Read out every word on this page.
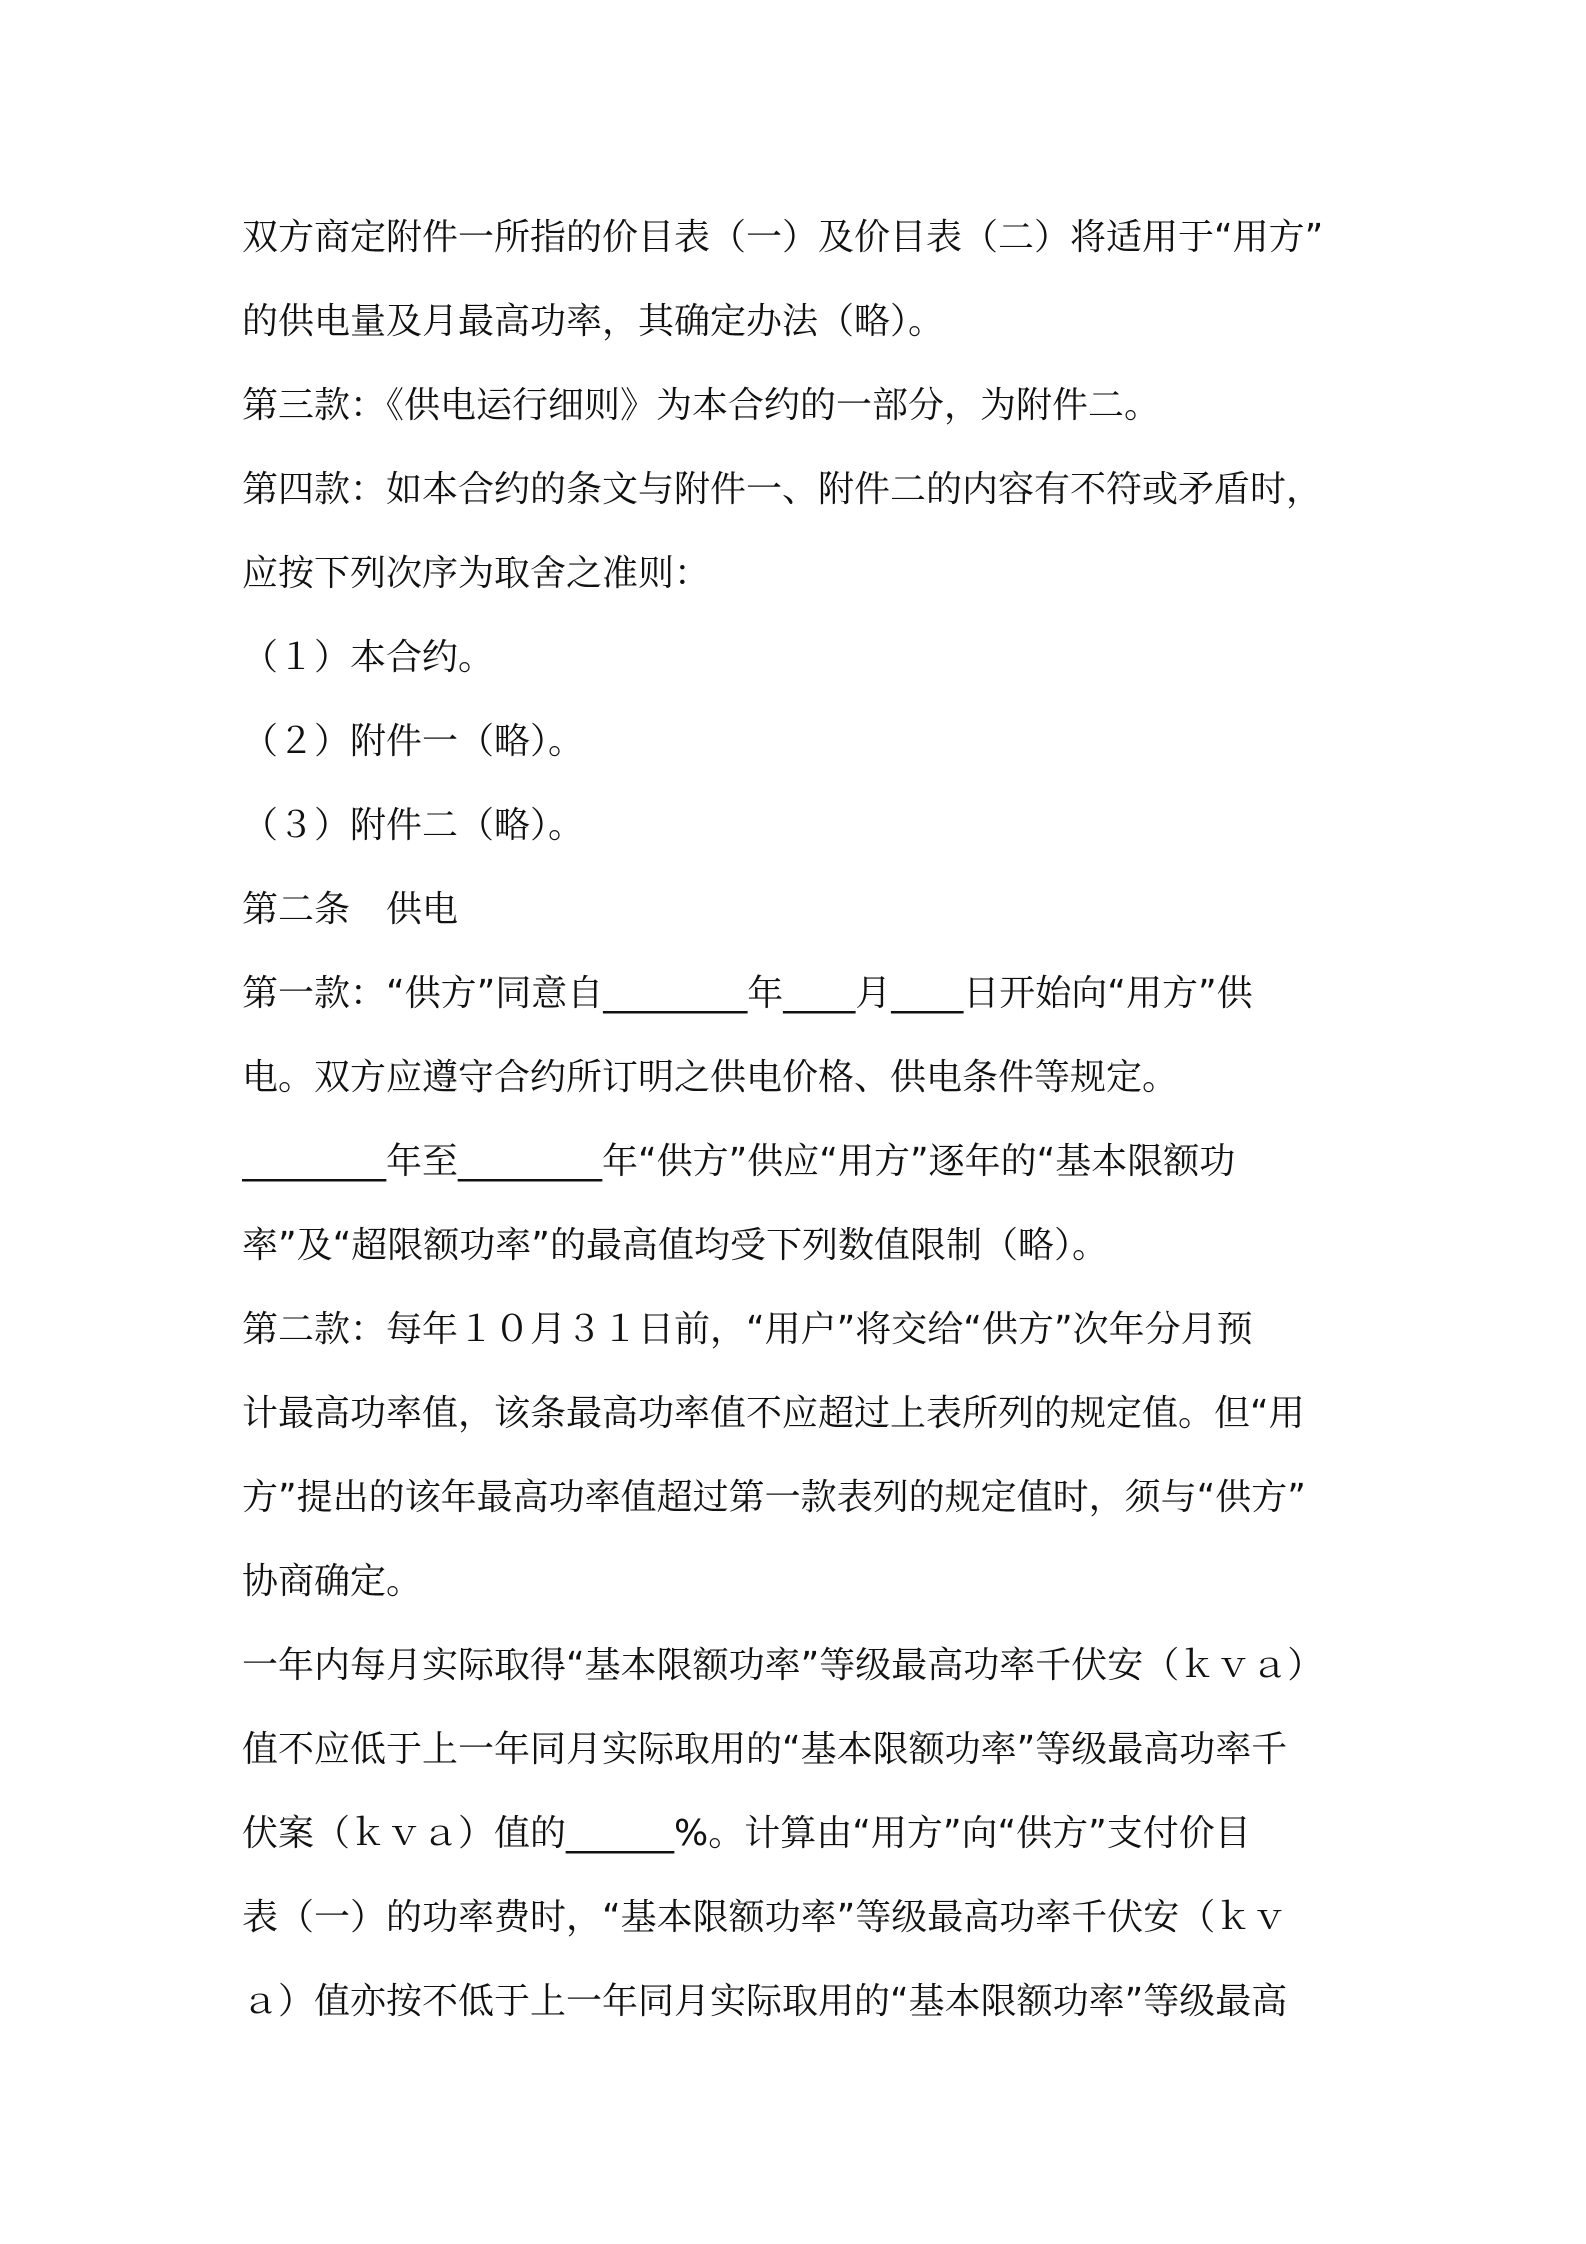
双方商定附件一所指的价目表（一）及价目表（二）将适用于“用方”
的供电量及月最高功率，其确定办法（略）。
第三款：《供电运行细则》为本合约的一部分，为附件二。
第四款：如本合约的条文与附件一、附件二的内容有不符或矛盾时，
应按下列次序为取舍之准则：
（１）本合约。
（２）附件一（略）。
（３）附件二（略）。
第二条　供电
第一款：“供方”同意自________年____月____日开始向“用方”供
电。双方应遵守合约所订明之供电价格、供电条件等规定。
________年至________年“供方”供应“用方”逐年的“基本限额功
率”及“超限额功率”的最高值均受下列数值限制（略）。
第二款：每年１０月３１日前，“用户”将交给“供方”次年分月预
计最高功率值，该条最高功率值不应超过上表所列的规定值。但“用
方”提出的该年最高功率值超过第一款表列的规定值时，须与“供方”
协商确定。
一年内每月实际取得“基本限额功率”等级最高功率千伏安（ｋｖａ）
值不应低于上一年同月实际取用的“基本限额功率”等级最高功率千
伏案（ｋｖａ）值的______%。计算由“用方”向“供方”支付价目
表（一）的功率费时，“基本限额功率”等级最高功率千伏安（ｋｖ
ａ）值亦按不低于上一年同月实际取用的“基本限额功率”等级最高
